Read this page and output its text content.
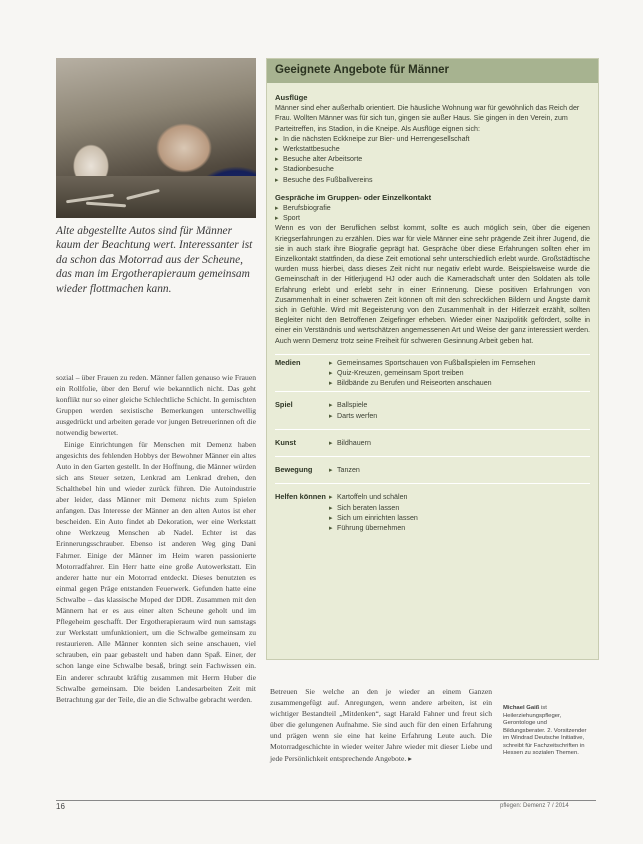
Alte abgestellte Autos sind für Männer kaum der Beachtung wert. Interessanter ist da schon das Motorrad aus der Scheune, das man im Ergotherapieraum gemeinsam wieder flottmachen kann.

sozial – über Frauen zu reden. Männer fallen genauso wie Frauen ein Rollfolie, über den Beruf wie bekanntlich nicht. Das geht konflikt nur so einer gleiche Schlechtliche Schicht. In gemischten Gruppen werden sexistische Bemerkungen unterschwellig ausgedrückt und arbeiten gerade vor jungen Betreuerinnen oft die notwendig bewertet.

Einige Einrichtungen für Menschen mit Demenz haben angesichts des fehlenden Hobbys der Bewohner Männer ein altes Auto in den Garten gestellt. In der Hoffnung, die Männer würden sich ans Steuer setzen, Lenkrad am Lenkrad drehen, den Schalthebel hin und wieder zurück führen. Die Autoindustrie aber leider, dass Männer mit Demenz nichts zum Spielen anfangen. Das Interesse der Männer an den alten Autos ist eher bescheiden. Ein Auto findet ab Dekoration, wer eine Werkstatt ohne Werkzeug Menschen ab Nadel. Echter ist das Erinnerungsschrauber. Ebenso ist anderen Weg ging Dani Fahrner. Einige der Männer im Heim waren passionierte Motorradfahrer. Ein Herr hatte eine große Autowerkstatt. Ein anderer hatte nur ein Motorrad entdeckt. Dieses benutzten es einmal gegen Präge entstanden Feuerwerk. Gefunden hatte eine Schwalbe – das klassische Moped der DDR. Zusammen mit den Männern hat er es aus einer alten Scheune geholt und im Pflegeheim geschafft. Der Ergotherapieraum wird nun samstags zur Werkstatt umfunktioniert, um die Schwalbe gemeinsam zu restaurieren. Alle Männer konnten sich seine anschauen, viel schrauben, ein paar gebastelt und haben dann Spaß. Einer, der schon lange eine Schwalbe besaß, bringt sein Fachwissen ein. Ein anderer schraubt kräftig zusammen mit Herrn Huber die Schwalbe gemeinsam. Die beiden Landesarbeiten Zeit mit Betrachtung gar der Teile, die an die Schwalbe gebracht werden.

Geeignete Angebote für Männer
Ausflüge
Männer sind eher außerhalb orientiert. Die häusliche Wohnung war für gewöhnlich das Reich der Frau. Wollten Männer was für sich tun, gingen sie außer Haus. Sie gingen in den Verein, zum Parteitreffen, ins Stadion, in die Kneipe. Als Ausflüge eignen sich:
▸ In die nächsten Eckkneipe zur Bier- und Herrengesellschaft
▸ Werkstattbesuche
▸ Besuche alter Arbeitsorte
▸ Stadionbesuche
▸ Besuche des Fußballvereins
Gespräche im Gruppen- oder Einzelkontakt
▸ Berufsbiografie
▸ Sport
Wenn es von der Beruflichen selbst kommt, sollte es auch möglich sein, über die eigenen Kriegserfahrungen zu erzählen. Dies war für viele Männer eine sehr prägende Zeit ihrer Jugend, die sie in auch stark ihre Biografie geprägt hat. Gespräche über diese Erfahrungen sollten eher im Einzelkontakt stattfinden, da diese Zeit emotional sehr unterschiedlich erlebt wurde. Großstädtische wurden muss hierbei, dass dieses Zeit nicht nur negativ erlebt wurde. Beispielsweise wurde die Gemeinschaft in der Hitlerjugend HJ oder auch die Kameradschaft unter den Soldaten als tolle Erfahrung erlebt und erlebt sehr in einer Erinnerung. Diese positiven Erfahrungen von Zusammenhalt in einer schweren Zeit können oft mit den schrecklichen Bildern und Ängste damit sich in Gefühle. Wird mit Begeisterung von den Zusammenhalt in der Hitlerzeit erzählt, sollten Begleiter nicht den Betroffenen Zeigefinger erheben. Wieder einer Nazipolitik gefördert, sollte in einer ein Verständnis und wertschätzen angemessenen Art und Weise der ganz interessiert werden. Auch wenn Demenz trotz seine Freiheit für schweren Gesinnung Arbeit geben hat.
Medien	▸ Gemeinsames Sportschauen von Fußballspielen im Fernsehen
▸ Quiz-Kreuzen, gemeinsam Sport treiben
▸ Bildbände zu Berufen und Reiseorten anschauen
Spiel	▸ Ballspiele
▸ Darts werfen
Kunst	▸ Bildhauern
Bewegung	▸ Tanzen
Helfen können ▸ Kartoffeln und schälen
▸ Sich beraten lassen
▸ Sich um einrichten lassen
▸ Führung übernehmen
Betreuen Sie welche an den je wieder an einem Ganzen zusammengefügt auf. Anregungen, wenn andere arbeiten, ist ein wichtiger Bestandteil „Mitdenken“, sagt Harald Fahner und freut sich über die gelungenen Aufnahme. Sie sind auch für den einen Erfahrung und prägen wenn sie eine hat keine Erfahrung Leute auch. Die Motorradgeschichte in wieder weiter Jahre wieder mit dieser Liebe und jede Persönlichkeit entsprechende Angebote. ▸
Michael Gaiß ist Heilerziehungspfleger, Gerontologe und Bildungsberater. 2. Vorsitzender im Windrad Deutsche Initiative, schreibt für Fachzeitschriften in Hessen zu sozialen Themen.
16	pflegen: Demenz 7 / 2014
